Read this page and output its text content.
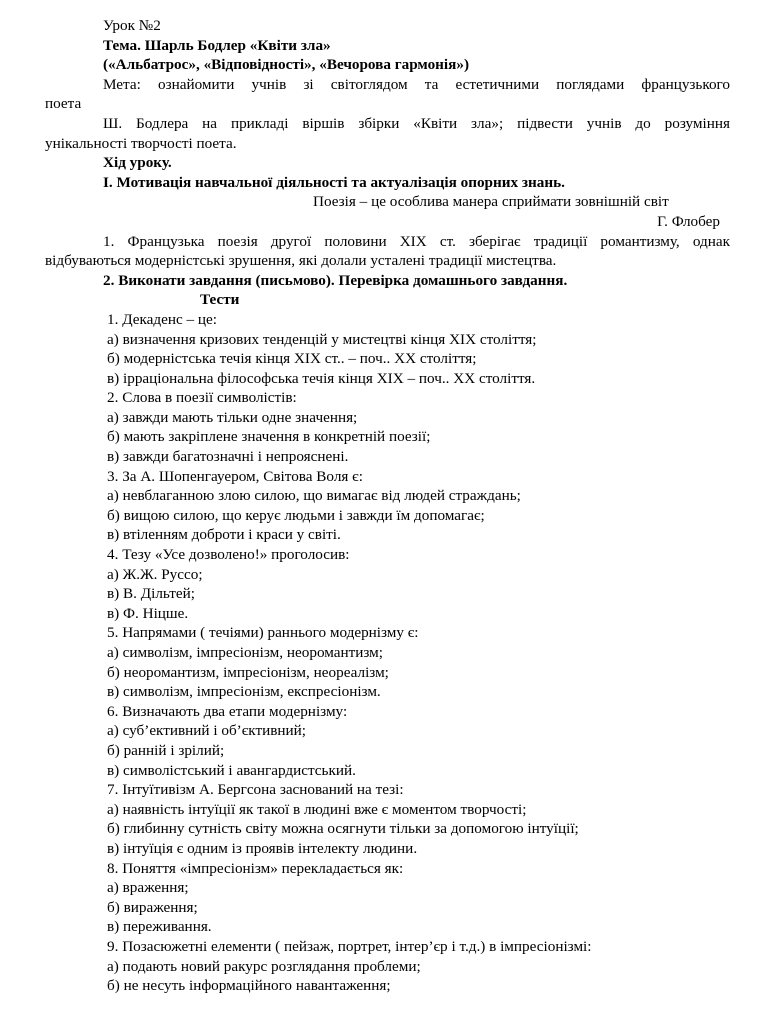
Урок №2
Тема. Шарль Бодлер «Квіти зла»
(«Альбатрос», «Відповідності», «Вечорова гармонія»)
Мета: ознайомити учнів зі світоглядом та естетичними поглядами французького
поета
Ш. Бодлера на прикладі віршів збірки «Квіти зла»; підвести учнів до розуміння
унікальності творчості поета.
Хід уроку.
І. Мотивація навчальної діяльності та актуалізація опорних знань.
Поезія – це особлива манера сприймати зовнішній світ
Г. Флобер
1. Французька поезія другої половини ХІХ ст. зберігає традиції романтизму, однак
відбуваються модерністські зрушення, які долали усталені традиції мистецтва.
2. Виконати завдання (письмово). Перевірка домашнього завдання.
Тести
1. Декаденс – це:
а) визначення кризових тенденцій у мистецтві кінця ХІХ століття;
б) модерністська течія кінця ХІХ ст.. – поч.. ХХ століття;
в) ірраціональна філософська течія кінця ХІХ – поч.. ХХ століття.
2. Слова в поезії символістів:
а) завжди мають тільки одне значення;
б) мають закріплене значення в конкретній поезії;
в) завжди багатозначні і непрояснені.
3. За А. Шопенгауером, Світова Воля є:
а) невблаганною злою силою, що вимагає від людей страждань;
б) вищою силою, що керує людьми і завжди їм допомагає;
в) втіленням доброти і краси у світі.
4. Тезу «Усе дозволено!» проголосив:
а) Ж.Ж. Руссо;
в) В. Дільтей;
в) Ф. Ніцше.
5. Напрямами ( течіями) раннього модернізму є:
а) символізм, імпресіонізм, неоромантизм;
б) неоромантизм, імпресіонізм, неореалізм;
в) символізм, імпресіонізм, експресіонізм.
6. Визначають два етапи модернізму:
а) суб’ективний і об’єктивний;
б) ранній і зрілий;
в) символістський і авангардистський.
7. Інтуїтивізм А. Бергсона заснований на тезі:
а) наявність інтуїції як такої в людині вже є моментом творчості;
б) глибинну сутність світу можна осягнути тільки за допомогою інтуїції;
в) інтуїція є одним із проявів інтелекту людини.
8. Поняття «імпресіонізм» перекладається як:
а) враження;
б) вираження;
в) переживання.
9. Позасюжетні елементи ( пейзаж, портрет, інтер’єр і т.д.) в імпресіонізмі:
а) подають новий ракурс розглядання проблеми;
б) не несуть інформаційного навантаження;
